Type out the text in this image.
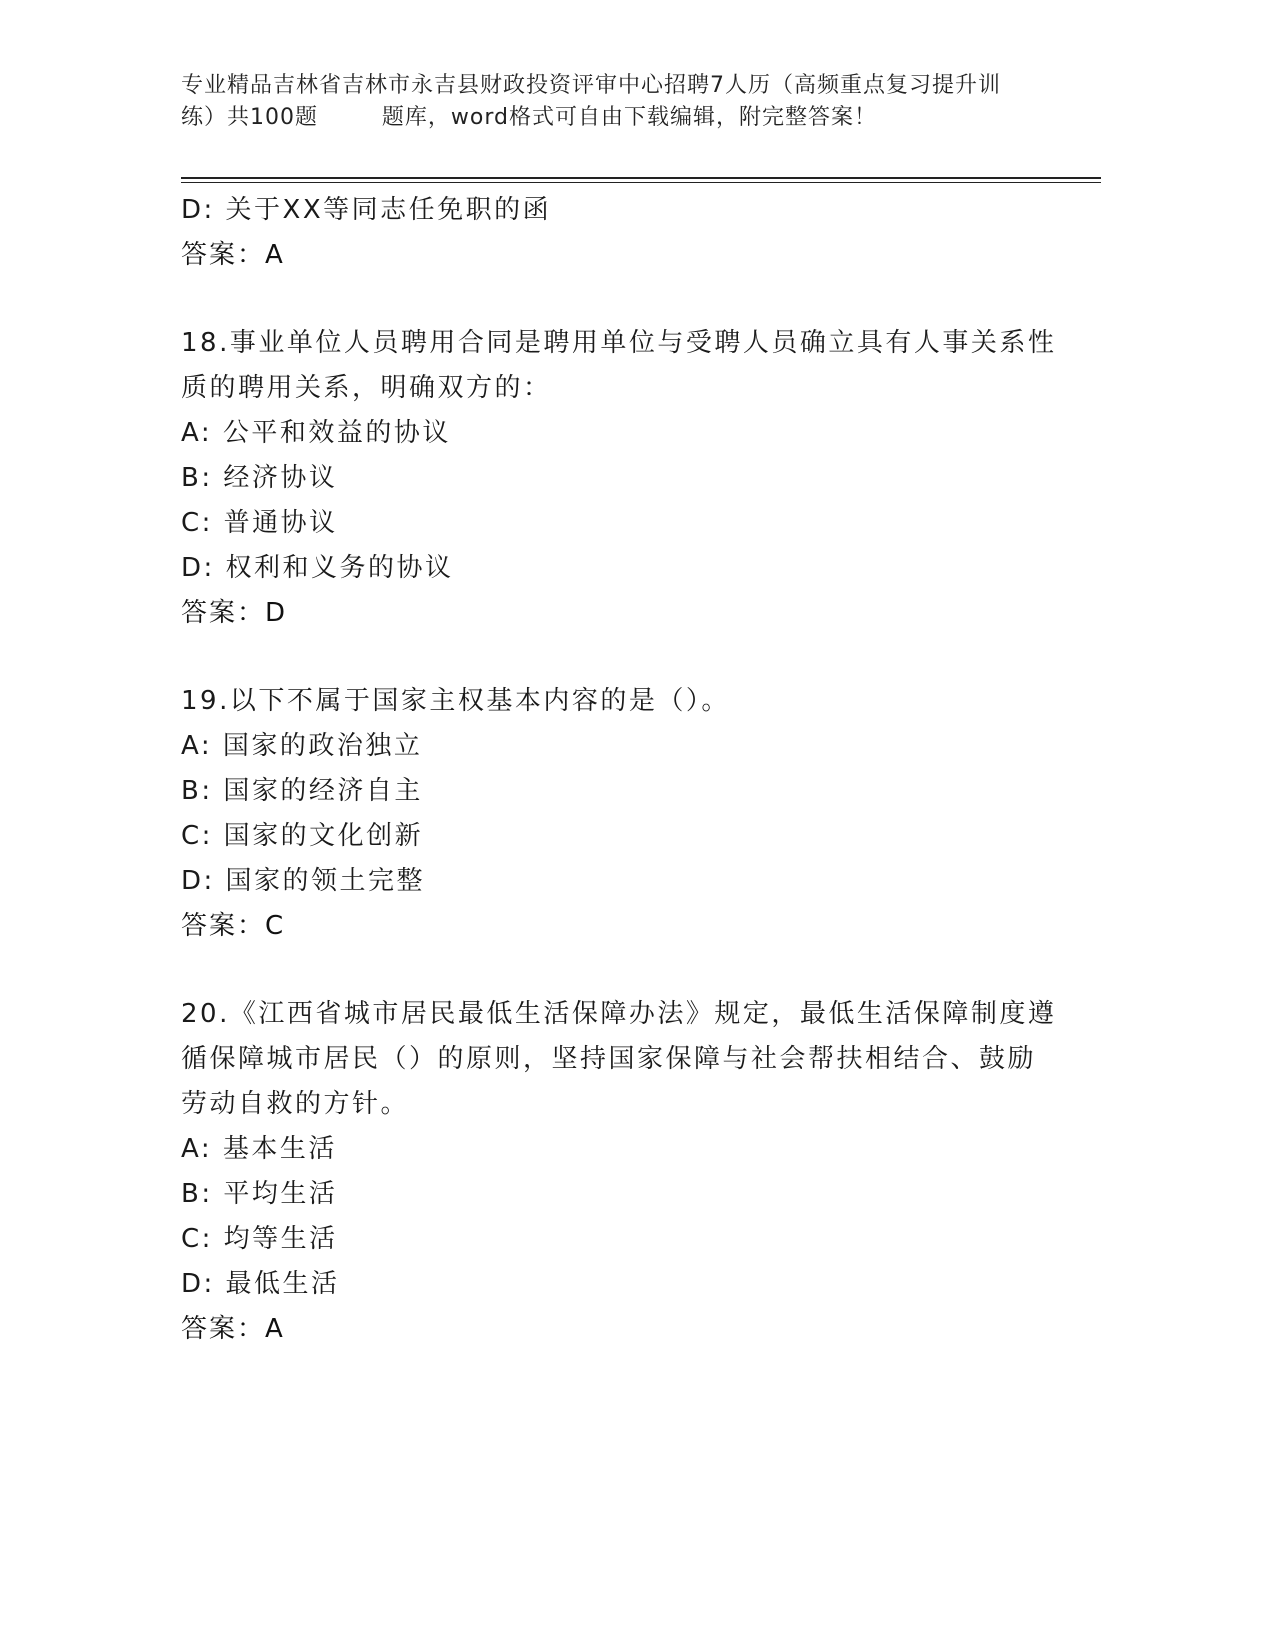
专业精品吉林省吉林市永吉县财政投资评审中心招聘7人历（高频重点复习提升训
练）共100题        题库，word格式可自由下载编辑，附完整答案！
D: 关于XX等同志任免职的函
答案：A
18.事业单位人员聘用合同是聘用单位与受聘人员确立具有人事关系性
质的聘用关系，明确双方的：
A: 公平和效益的协议
B: 经济协议
C: 普通协议
D: 权利和义务的协议
答案：D
19.以下不属于国家主权基本内容的是（）。
A: 国家的政治独立
B: 国家的经济自主
C: 国家的文化创新
D: 国家的领土完整
答案：C
20.《江西省城市居民最低生活保障办法》规定，最低生活保障制度遵
循保障城市居民（）的原则，坚持国家保障与社会帮扶相结合、鼓励
劳动自救的方针。
A: 基本生活
B: 平均生活
C: 均等生活
D: 最低生活
答案：A
